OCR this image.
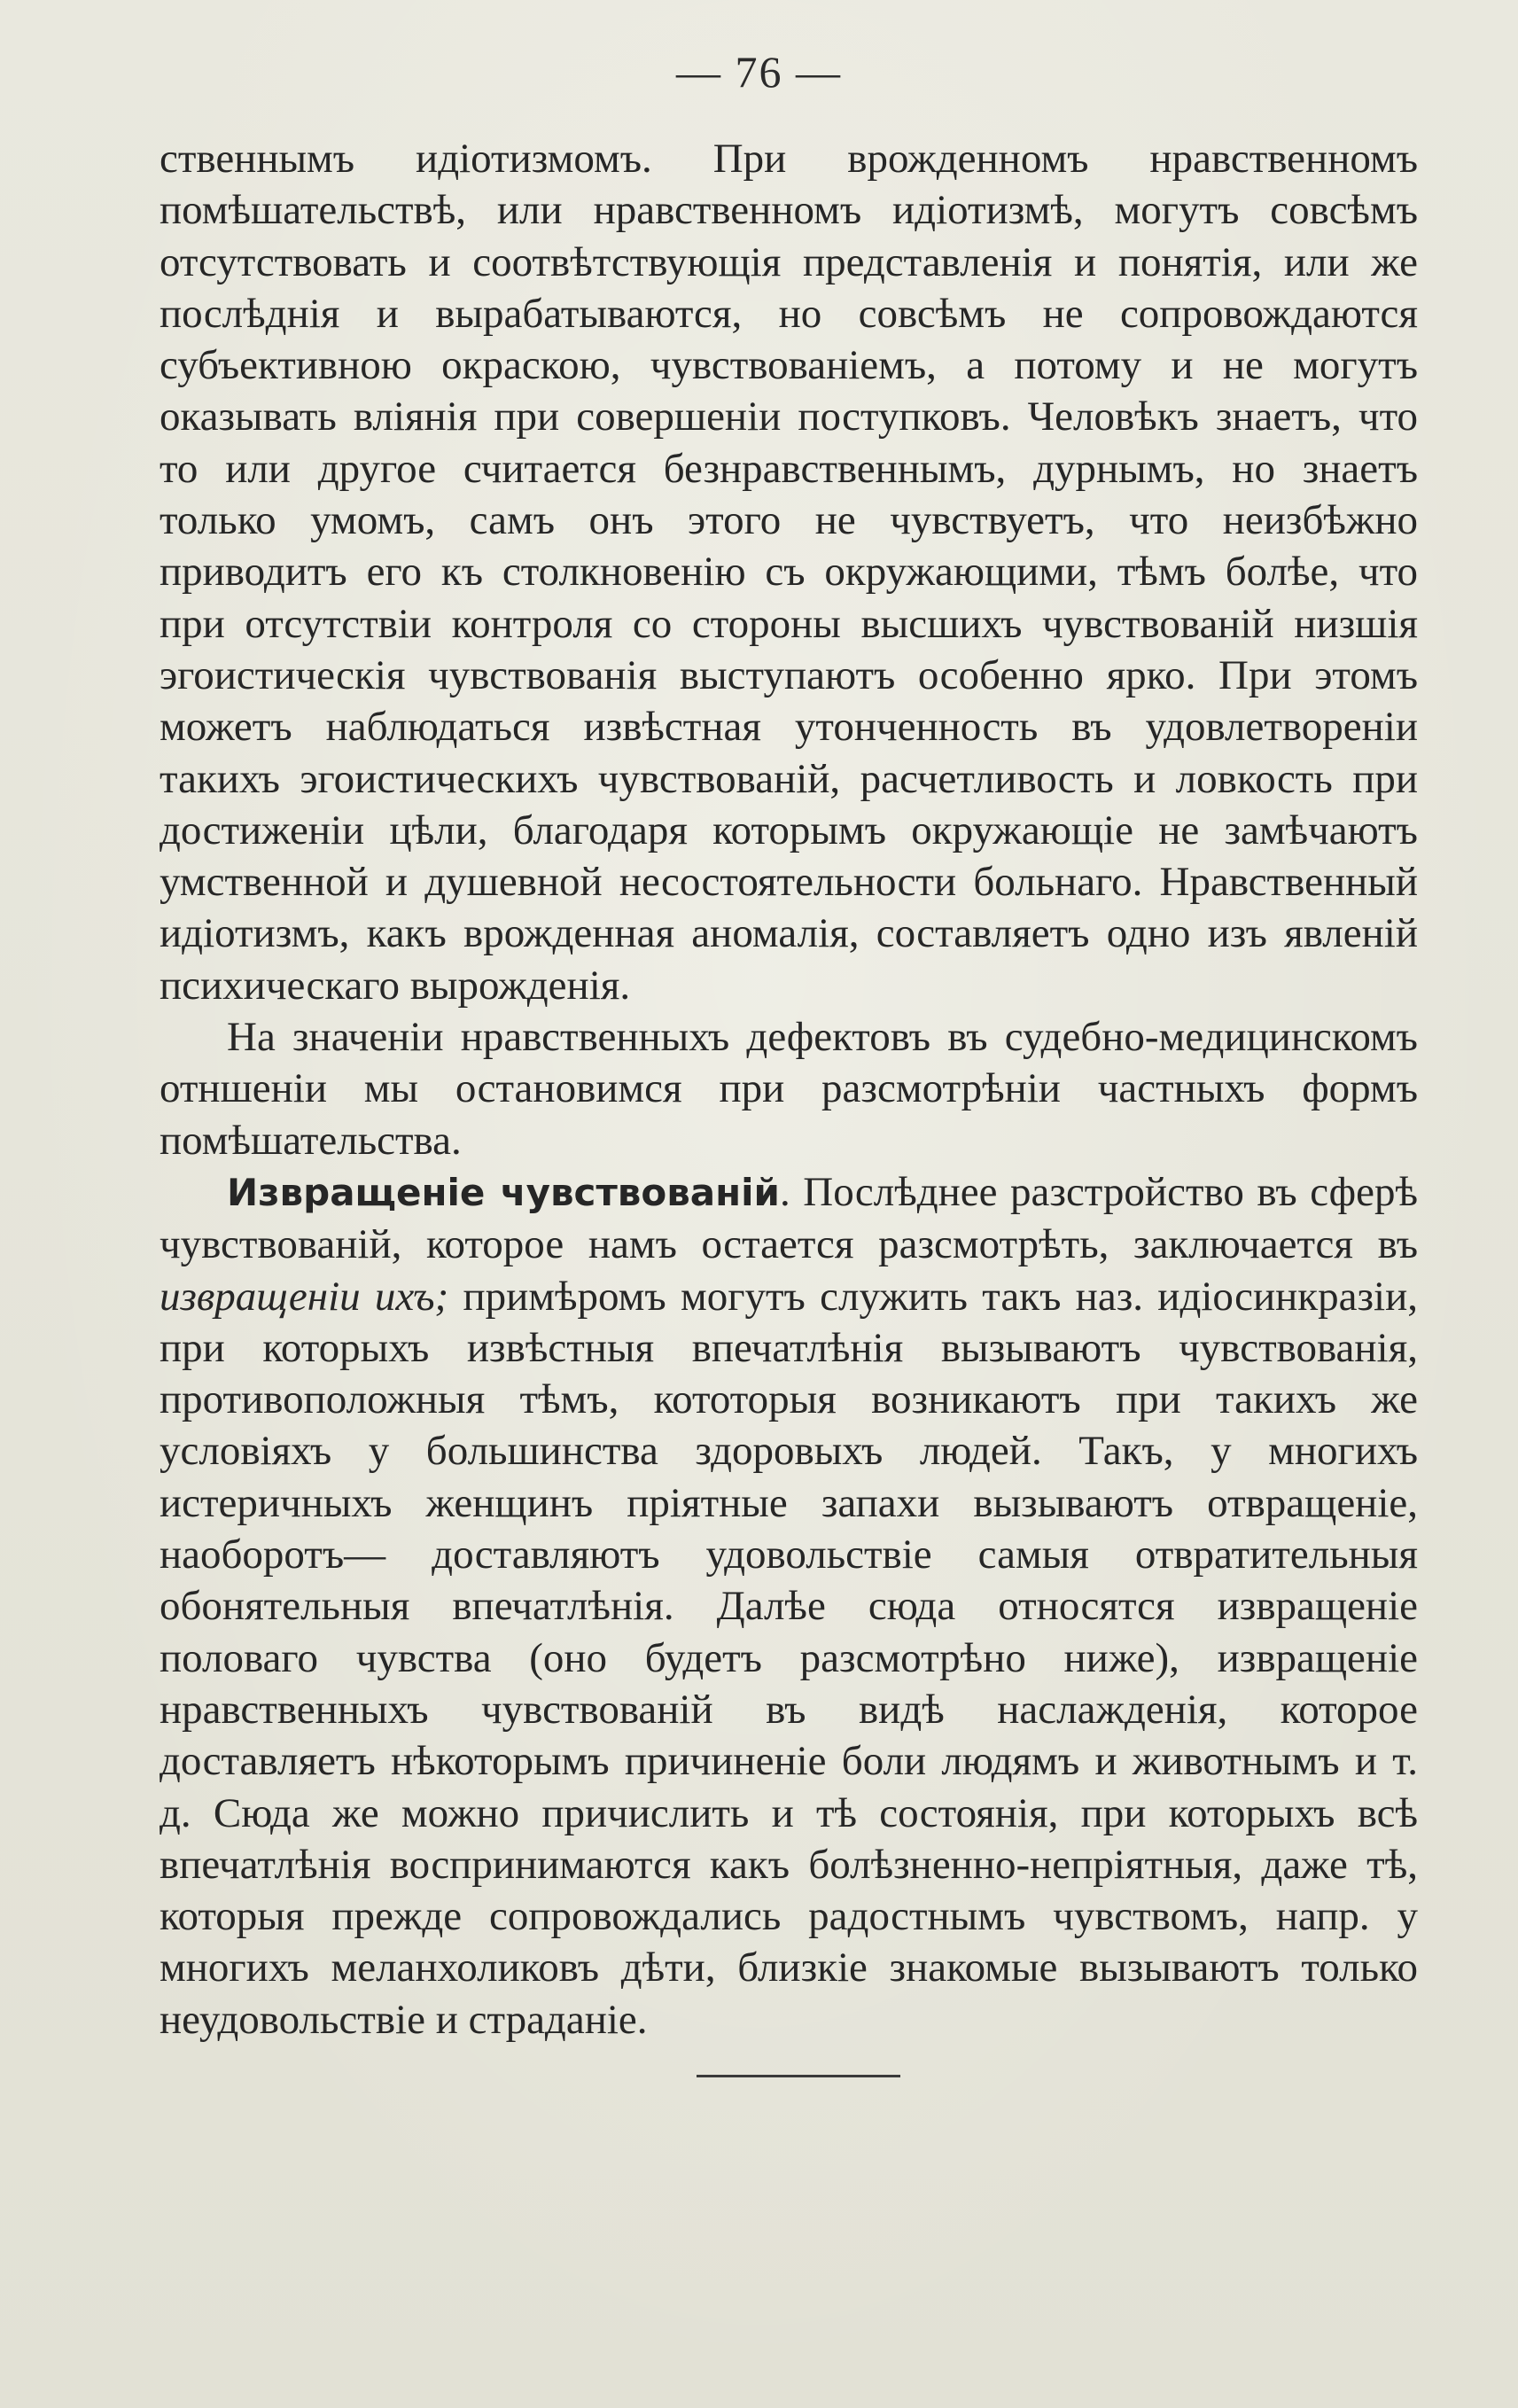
— 76 —

ственнымъ идіотизмомъ. При врожденномъ нравственномъ помѣшательствѣ, или нравственномъ идіотизмѣ, могутъ совсѣмъ отсутствовать и соотвѣтствующія представленія и понятія, или же послѣднія и вырабатываются, но совсѣмъ не сопровождаются субъективною окраскою, чувствованіемъ, а потому и не могутъ оказывать вліянія при совершеніи поступковъ. Человѣкъ знаетъ, что то или другое считается безнравственнымъ, дурнымъ, но знаетъ только умомъ, самъ онъ этого не чувствуетъ, что неизбѣжно приводитъ его къ столкновенію съ окружающими, тѣмъ болѣе, что при отсутствіи контроля со стороны высшихъ чувствованій низшія эгоистическія чувствованія выступаютъ особенно ярко. При этомъ можетъ наблюдаться извѣстная утонченность въ удовлетвореніи такихъ эгоистическихъ чувствованій, расчетливость и ловкость при достиженіи цѣли, благодаря которымъ окружающіе не замѣчаютъ умственной и душевной несостоятельности больнаго. Нравственный идіотизмъ, какъ врожденная аномалія, составляетъ одно изъ явленій психическаго вырожденія.

На значеніи нравственныхъ дефектовъ въ судебно-медицинскомъ отншеніи мы остановимся при разсмотрѣніи частныхъ формъ помѣшательства.

Извращеніе чувствованій. Послѣднее разстройство въ сферѣ чувствованій, которое намъ остается разсмотрѣть, заключается въ извращеніи ихъ; примѣромъ могутъ служить такъ наз. идіосинкразіи, при которыхъ извѣстныя впечатлѣнія вызываютъ чувствованія, противоположныя тѣмъ, кототорыя возникаютъ при такихъ же условіяхъ у большинства здоровыхъ людей. Такъ, у многихъ истеричныхъ женщинъ пріятные запахи вызываютъ отвращеніе, наоборотъ— доставляютъ удовольствіе самыя отвратительныя обонятельныя впечатлѣнія. Далѣе сюда относятся извращеніе половаго чувства (оно будетъ разсмотрѣно ниже), извращеніе нравственныхъ чувствованій въ видѣ наслажденія, которое доставляетъ нѣкоторымъ причиненіе боли людямъ и животнымъ и т. д. Сюда же можно причислить и тѣ состоянія, при которыхъ всѣ впечатлѣнія воспринимаются какъ болѣзненно-непріятныя, даже тѣ, которыя прежде сопровождались радостнымъ чувствомъ, напр. у многихъ меланхоликовъ дѣти, близкіе знакомые вызываютъ только неудовольствіе и страданіе.
